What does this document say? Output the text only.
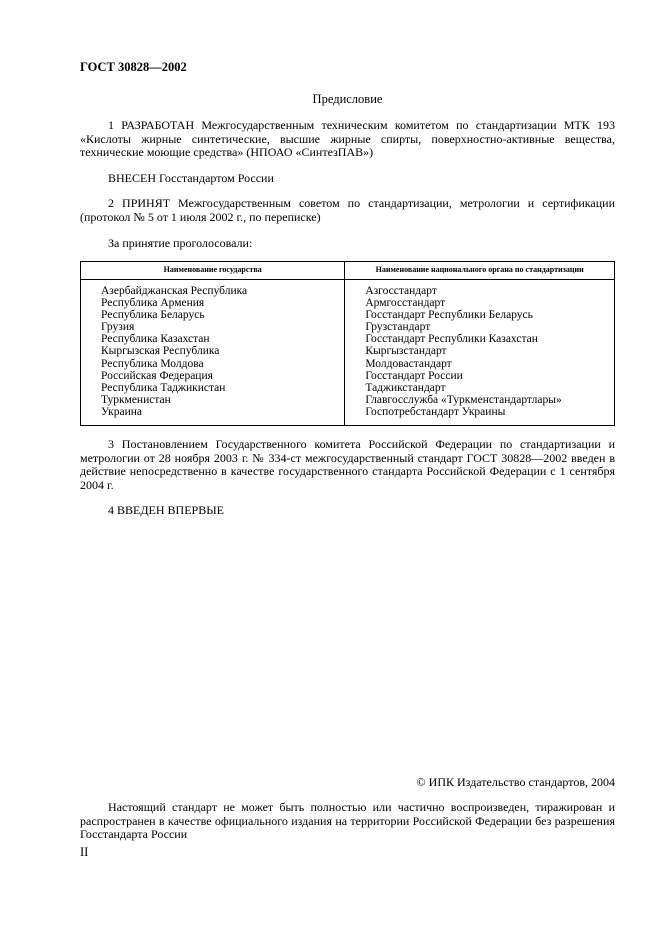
ГОСТ 30828—2002
Предисловие

1 РАЗРАБОТАН Межгосударственным техническим комитетом по стандартизации МТК 193 «Кислоты жирные синтетические, высшие жирные спирты, поверхностно-активные вещества, технические моющие средства» (НПОАО «СинтезПАВ»)

ВНЕСЕН Госстандартом России

2 ПРИНЯТ Межгосударственным советом по стандартизации, метрологии и сертификации (протокол № 5 от 1 июля 2002 г., по переписке)

За принятие проголосовали:

Наименование государства	Наименование национального органа по стандартизации
Азербайджанская Республика	Азгосстандарт
Республика Армения	Армгосстандарт
Республика Беларусь	Госстандарт Республики Беларусь
Грузия	Грузстандарт
Республика Казахстан	Госстандарт Республики Казахстан
Кыргызская Республика	Кыргызстандарт
Республика Молдова	Молдовастандарт
Российская Федерация	Госстандарт России
Республика Таджикистан	Таджикстандарт
Туркменистан	Главгосслужба «Туркменстандартлары»
Украина	Госпотребстандарт Украины

3 Постановлением Государственного комитета Российской Федерации по стандартизации и метрологии от 28 ноября 2003 г. № 334-ст межгосударственный стандарт ГОСТ 30828—2002 введен в действие непосредственно в качестве государственного стандарта Российской Федерации с 1 сентября 2004 г.

4 ВВЕДЕН ВПЕРВЫЕ

© ИПК Издательство стандартов, 2004

Настоящий стандарт не может быть полностью или частично воспроизведен, тиражирован и распространен в качестве официального издания на территории Российской Федерации без разрешения Госстандарта России

II
